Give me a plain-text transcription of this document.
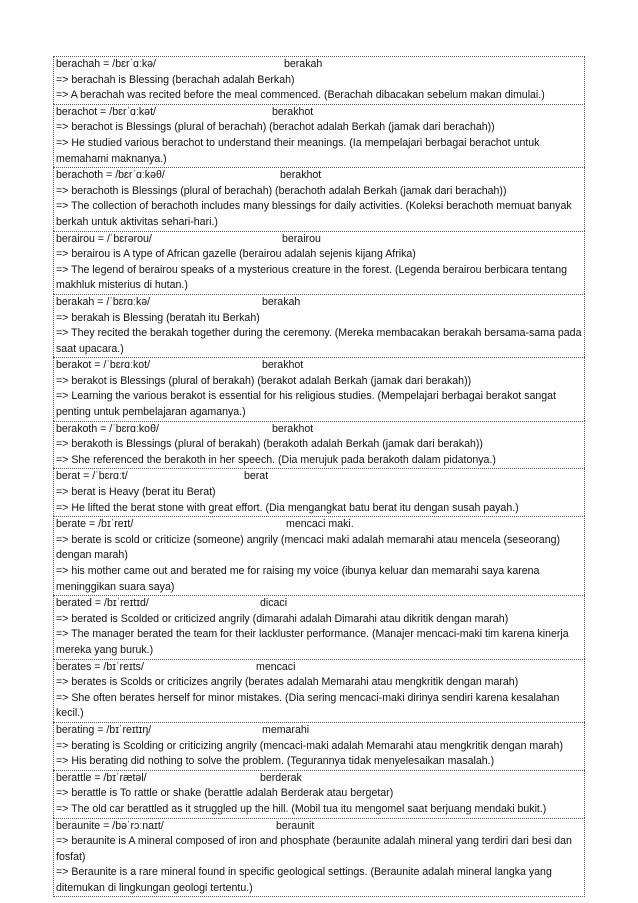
berachah = /bɛrˈɑːkə/	berakah
=> berachah is Blessing (berachah adalah Berkah)
=> A berachah was recited before the meal commenced. (Berachah dibacakan sebelum makan dimulai.)
berachot = /bɛrˈɑːkət/	berakhot
=> berachot is Blessings (plural of berachah) (berachot adalah Berkah (jamak dari berachah))
=> He studied various berachot to understand their meanings. (Ia mempelajari berbagai berachot untuk memahami maknanya.)
berachoth = /bɛrˈɑːkəθ/	berakhot
=> berachoth is Blessings (plural of berachah) (berachoth adalah Berkah (jamak dari berachah))
=> The collection of berachoth includes many blessings for daily activities. (Koleksi berachoth memuat banyak berkah untuk aktivitas sehari-hari.)
berairou = /ˈbɛrərou/	berairou
=> berairou is A type of African gazelle (berairou adalah sejenis kijang Afrika)
=> The legend of berairou speaks of a mysterious creature in the forest. (Legenda berairou berbicara tentang makhluk misterius di hutan.)
berakah = /ˈbɛrɑːkə/	berakah
=> berakah is Blessing (beratah itu Berkah)
=> They recited the berakah together during the ceremony. (Mereka membacakan berakah bersama-sama pada saat upacara.)
berakot = /ˈbɛrɑːkot/	berakhot
=> berakot is Blessings (plural of berakah) (berakot adalah Berkah (jamak dari berakah))
=> Learning the various berakot is essential for his religious studies. (Mempelajari berbagai berakot sangat penting untuk pembelajaran agamanya.)
berakoth = /ˈbɛrɑːkoθ/	berakhot
=> berakoth is Blessings (plural of berakah) (berakoth adalah Berkah (jamak dari berakah))
=> She referenced the berakoth in her speech. (Dia merujuk pada berakoth dalam pidatonya.)
berat = /ˈbɛrɑːt/	berat
=> berat is Heavy (berat itu Berat)
=> He lifted the berat stone with great effort. (Dia mengangkat batu berat itu dengan susah payah.)
berate = /bɪˈreɪt/	mencaci maki.
=> berate is scold or criticize (someone) angrily (mencaci maki adalah memarahi atau mencela (seseorang) dengan marah)
=> his mother came out and berated me for raising my voice (ibunya keluar dan memarahi saya karena meninggikan suara saya)
berated = /bɪˈreɪtɪd/	dicaci
=> berated is Scolded or criticized angrily (dimarahi adalah Dimarahi atau dikritik dengan marah)
=> The manager berated the team for their lackluster performance. (Manajer mencaci-maki tim karena kinerja mereka yang buruk.)
berates = /bɪˈreɪts/	mencaci
=> berates is Scolds or criticizes angrily (berates adalah Memarahi atau mengkritik dengan marah)
=> She often berates herself for minor mistakes. (Dia sering mencaci-maki dirinya sendiri karena kesalahan kecil.)
berating = /bɪˈreɪtɪŋ/	memarahi
=> berating is Scolding or criticizing angrily (mencaci-maki adalah Memarahi atau mengkritik dengan marah)
=> His berating did nothing to solve the problem. (Tegurannya tidak menyelesaikan masalah.)
berattle = /bɪˈrætəl/	berderak
=> berattle is To rattle or shake (berattle adalah Berderak atau bergetar)
=> The old car berattled as it struggled up the hill. (Mobil tua itu mengomel saat berjuang mendaki bukit.)
beraunite = /bəˈrɔːnaɪt/	beraunit
=> beraunite is A mineral composed of iron and phosphate (beraunite adalah mineral yang terdiri dari besi dan fosfat)
=> Beraunite is a rare mineral found in specific geological settings. (Beraunite adalah mineral langka yang ditemukan di lingkungan geologi tertentu.)
